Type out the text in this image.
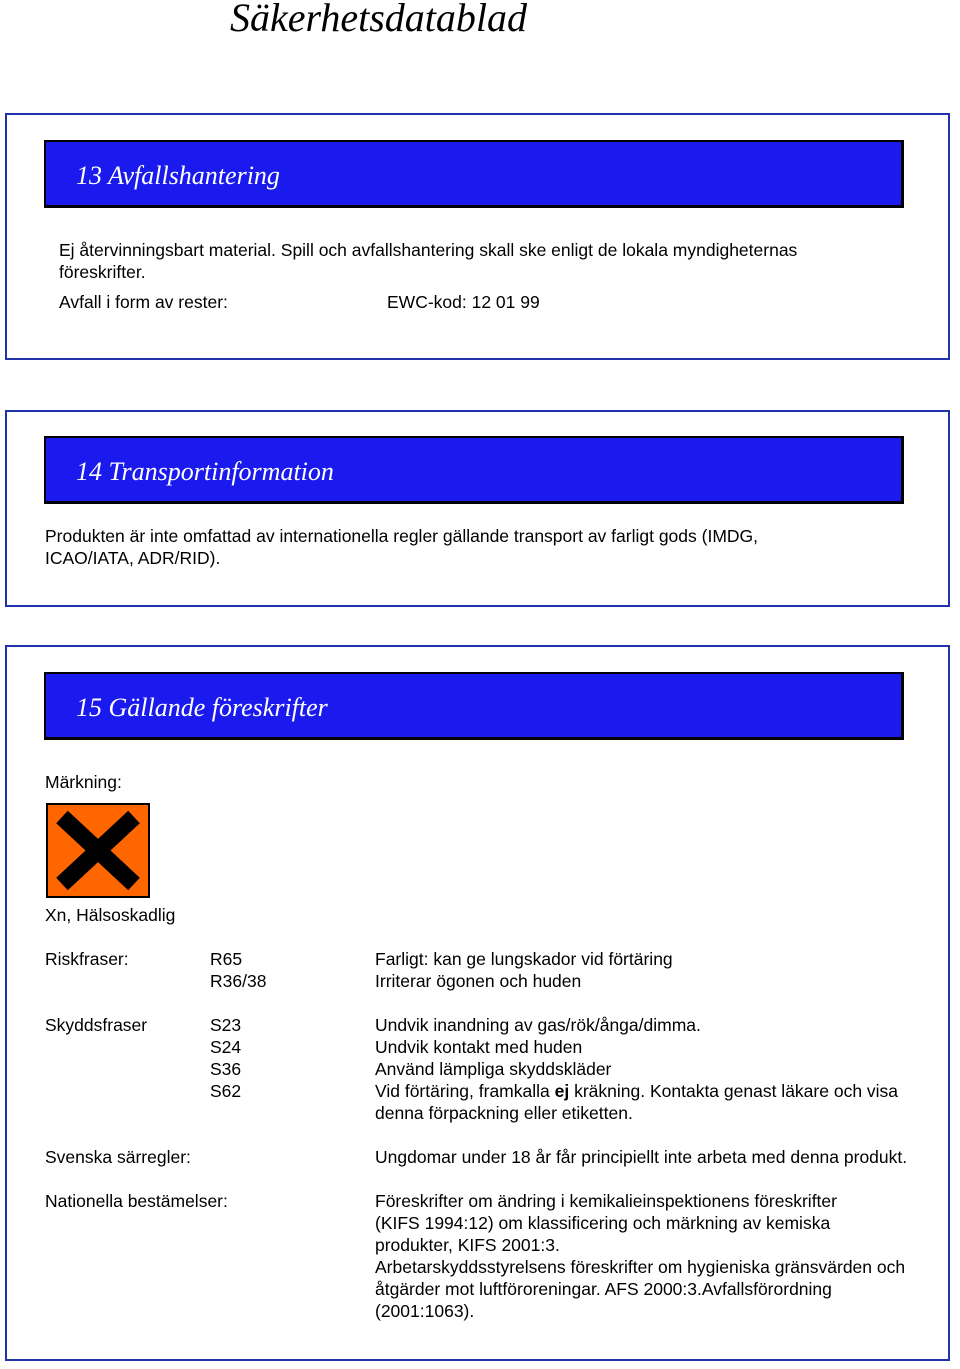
Säkerhetsdatablad
13 Avfallshantering
Ej återvinningsbart material. Spill och avfallshantering skall ske enligt de lokala myndigheternas föreskrifter.
Avfall i form av rester:	EWC-kod: 12 01 99
14 Transportinformation
Produkten är inte omfattad av internationella regler gällande transport av farligt gods (IMDG, ICAO/IATA, ADR/RID).
15 Gällande föreskrifter
Märkning:
Xn, Hälsoskadlig
Riskfraser:	R65	Farligt: kan ge lungskador vid förtäring
R36/38	Irriterar ögonen och huden
Skyddsfraser	S23	Undvik inandning av gas/rök/ånga/dimma.
S24	Undvik kontakt med huden
S36	Använd lämpliga skyddskläder
S62	Vid förtäring, framkalla ej kräkning. Kontakta genast läkare och visa denna förpackning eller etiketten.
Svenska särregler:	Ungdomar under 18 år får principiellt inte arbeta med denna produkt.
Nationella bestämelser:	Föreskrifter om ändring i kemikalieinspektionens föreskrifter (KIFS 1994:12) om klassificering och märkning av kemiska produkter, KIFS 2001:3.
Arbetarskyddsstyrelsens föreskrifter om hygieniska gränsvärden och åtgärder mot luftföroreningar. AFS 2000:3.Avfallsförordning (2001:1063).
